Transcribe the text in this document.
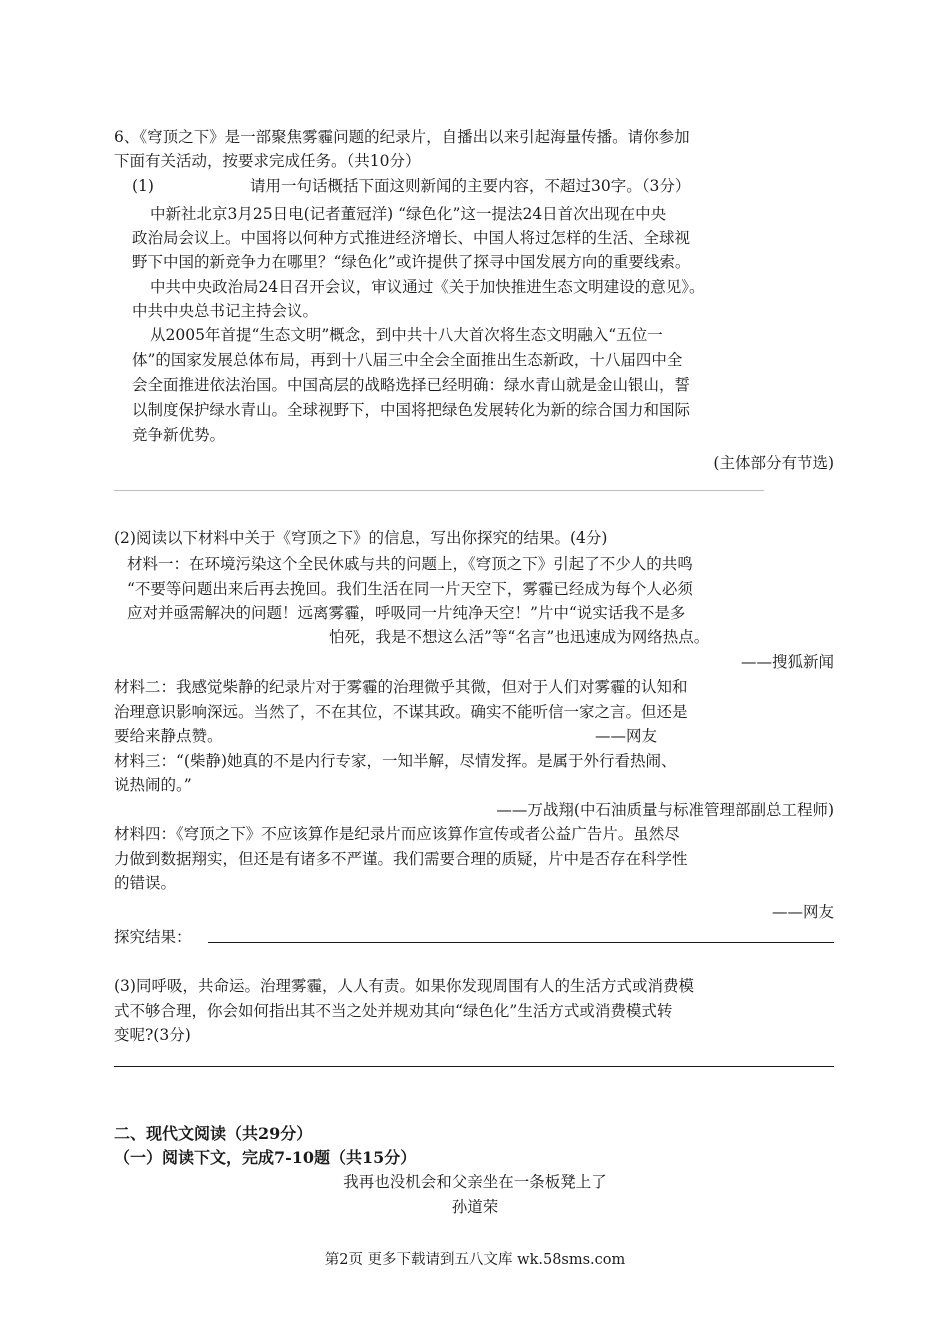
6、《穹顶之下》是一部聚焦雾霾问题的纪录片，自播出以来引起海量传播。请你参加
下面有关活动，按要求完成任务。（共10分）
(1)	请用一句话概括下面这则新闻的主要内容，不超过30字。（3分）
中新社北京3月25日电(记者董冠洋) “绿色化”这一提法24日首次出现在中央
政治局会议上。中国将以何种方式推进经济增长、中国人将过怎样的生活、全球视
野下中国的新竞争力在哪里？“绿色化”或许提供了探寻中国发展方向的重要线索。
中共中央政治局24日召开会议，审议通过《关于加快推进生态文明建设的意见》。
中共中央总书记主持会议。
从2005年首提“生态文明”概念，到中共十八大首次将生态文明融入“五位一
体”的国家发展总体布局，再到十八届三中全会全面推出生态新政，十八届四中全
会全面推进依法治国。中国高层的战略选择已经明确：绿水青山就是金山银山，誓
以制度保护绿水青山。全球视野下，中国将把绿色发展转化为新的综合国力和国际
竞争新优势。
(主体部分有节选)
(2)阅读以下材料中关于《穹顶之下》的信息，写出你探究的结果。(4分)
材料一：在环境污染这个全民休戚与共的问题上，《穹顶之下》引起了不少人的共鸣
“不要等问题出来后再去挽回。我们生活在同一片天空下，雾霾已经成为每个人必须
应对并亟需解决的问题！远离雾霾，呼吸同一片纯净天空！”片中“说实话我不是多
怕死，我是不想这么活”等“名言”也迅速成为网络热点。
——搜狐新闻
材料二：我感觉柴静的纪录片对于雾霾的治理微乎其微，但对于人们对雾霾的认知和
治理意识影响深远。当然了，不在其位，不谋其政。确实不能听信一家之言。但还是
要给来静点赞。	——网友
材料三：“(柴静)她真的不是内行专家，一知半解，尽情发挥。是属于外行看热闹、
说热闹的。”
——万战翔(中石油质量与标准管理部副总工程师)
材料四：《穹顶之下》不应该算作是纪录片而应该算作宣传或者公益广告片。虽然尽
力做到数据翔实，但还是有诸多不严谨。我们需要合理的质疑，片中是否存在科学性
的错误。
——网友
探究结果：
(3)同呼吸，共命运。治理雾霾，人人有责。如果你发现周围有人的生活方式或消费模
式不够合理，你会如何指出其不当之处并规劝其向“绿色化”生活方式或消费模式转
变呢?(3分)
二、现代文阅读（共29分）
（一）阅读下文，完成7-10题（共15分）
我再也没机会和父亲坐在一条板凳上了
孙道荣
第2页 更多下载请到五八文库 wk.58sms.com
